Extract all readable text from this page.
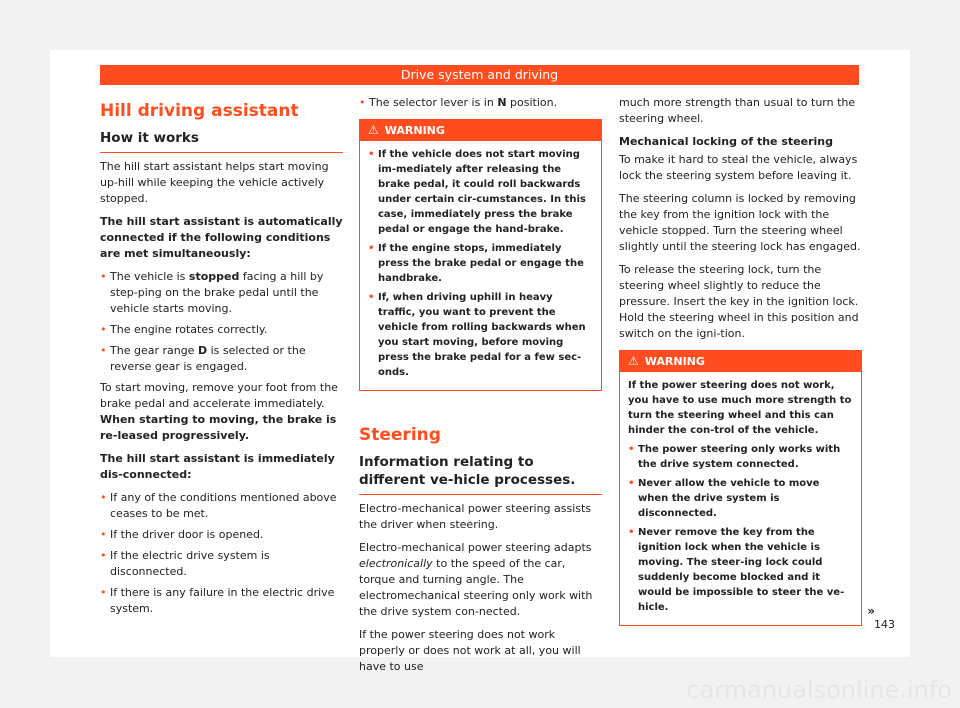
Drive system and driving
Hill driving assistant
How it works

The hill start assistant helps start moving up-hill while keeping the vehicle actively stopped.

The hill start assistant is automatically connected if the following conditions are met simultaneously:

• The vehicle is stopped facing a hill by step-ping on the brake pedal until the vehicle starts moving.
• The engine rotates correctly.
• The gear range D is selected or the reverse gear is engaged.

To start moving, remove your foot from the brake pedal and accelerate immediately. When starting to moving, the brake is re-leased progressively.

The hill start assistant is immediately dis-connected:

• If any of the conditions mentioned above ceases to be met.
• If the driver door is opened.
• If the electric drive system is disconnected.
• If there is any failure in the electric drive system.
• The selector lever is in N position.
⚠ WARNING
• If the vehicle does not start moving im-mediately after releasing the brake pedal, it could roll backwards under certain cir-cumstances. In this case, immediately press the brake pedal or engage the hand-brake.
• If the engine stops, immediately press the brake pedal or engage the handbrake.
• If, when driving uphill in heavy traffic, you want to prevent the vehicle from rolling backwards when you start moving, before moving press the brake pedal for a few sec-onds.
Steering
Information relating to different ve-hicle processes.

Electro-mechanical power steering assists the driver when steering.

Electro-mechanical power steering adapts electronically to the speed of the car, torque and turning angle. The electromechanical steering only work with the drive system con-nected.

If the power steering does not work properly or does not work at all, you will have to use

much more strength than usual to turn the steering wheel.

Mechanical locking of the steering

To make it hard to steal the vehicle, always lock the steering system before leaving it.

The steering column is locked by removing the key from the ignition lock with the vehicle stopped. Turn the steering wheel slightly until the steering lock has engaged.

To release the steering lock, turn the steering wheel slightly to reduce the pressure. Insert the key in the ignition lock. Hold the steering wheel in this position and switch on the igni-tion.

⚠ WARNING

If the power steering does not work, you have to use much more strength to turn the steering wheel and this can hinder the con-trol of the vehicle.

• The power steering only works with the drive system connected.
• Never allow the vehicle to move when the drive system is disconnected.
• Never remove the key from the ignition lock when the vehicle is moving. The steer-ing lock could suddenly become blocked and it would be impossible to steer the ve-hicle.	»
143
carmanualsonline.info
